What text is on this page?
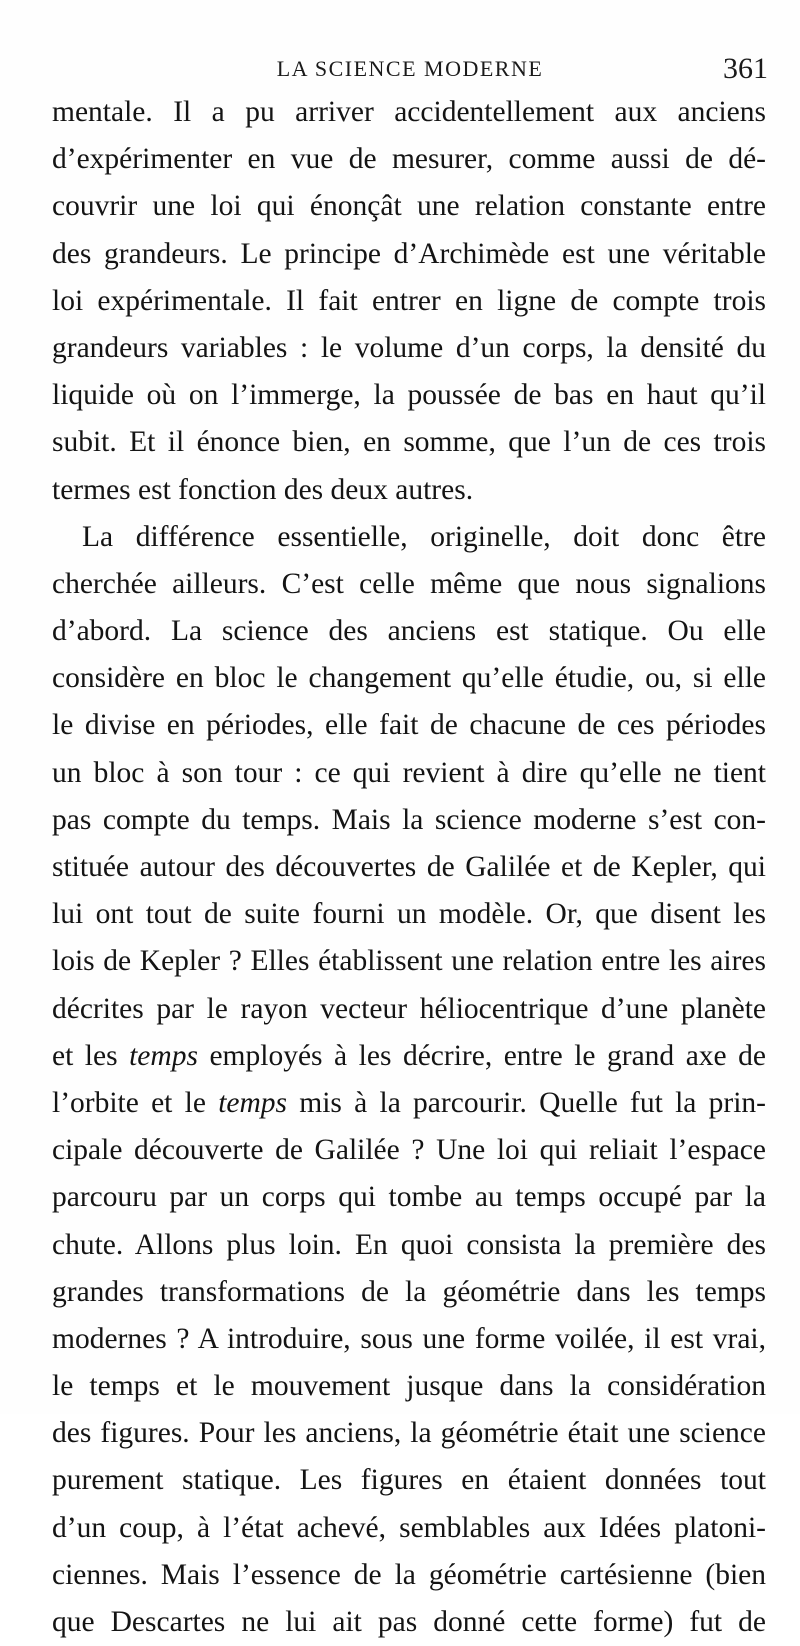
LA SCIENCE MODERNE	361
mentale. Il a pu arriver accidentellement aux anciens
d’expérimenter en vue de mesurer, comme aussi de dé-
couvrir une loi qui énonçât une relation constante entre
des grandeurs. Le principe d’Archimède est une véritable
loi expérimentale. Il fait entrer en ligne de compte trois
grandeurs variables : le volume d’un corps, la densité du
liquide où on l’immerge, la poussée de bas en haut qu’il
subit. Et il énonce bien, en somme, que l’un de ces trois
termes est fonction des deux autres.
La différence essentielle, originelle, doit donc être
cherchée ailleurs. C’est celle même que nous signalions
d’abord. La science des anciens est statique. Ou elle
considère en bloc le changement qu’elle étudie, ou, si elle
le divise en périodes, elle fait de chacune de ces périodes
un bloc à son tour : ce qui revient à dire qu’elle ne tient
pas compte du temps. Mais la science moderne s’est con-
stituée autour des découvertes de Galilée et de Kepler, qui
lui ont tout de suite fourni un modèle. Or, que disent les
lois de Kepler ? Elles établissent une relation entre les aires
décrites par le rayon vecteur héliocentrique d’une planète
et les temps employés à les décrire, entre le grand axe de
l’orbite et le temps mis à la parcourir. Quelle fut la prin-
cipale découverte de Galilée ? Une loi qui reliait l’espace
parcouru par un corps qui tombe au temps occupé par la
chute. Allons plus loin. En quoi consista la première des
grandes transformations de la géométrie dans les temps
modernes ? A introduire, sous une forme voilée, il est vrai,
le temps et le mouvement jusque dans la considération
des figures. Pour les anciens, la géométrie était une science
purement statique. Les figures en étaient données tout
d’un coup, à l’état achevé, semblables aux Idées platoni-
ciennes. Mais l’essence de la géométrie cartésienne (bien
que Descartes ne lui ait pas donné cette forme) fut de
